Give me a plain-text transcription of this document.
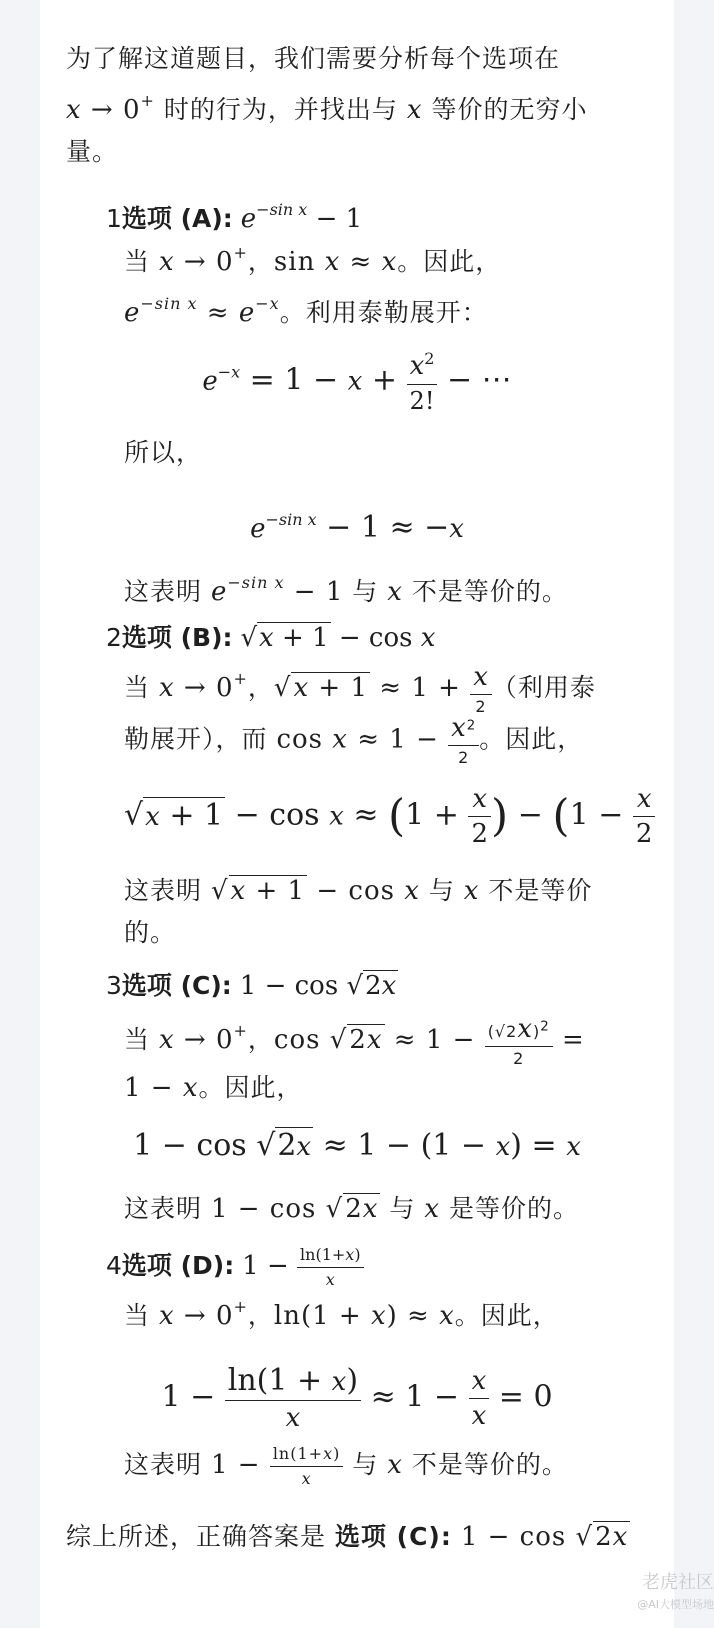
为了解这道题目，我们需要分析每个选项在
x → 0+ 时的行为，并找出与 x 等价的无穷小
量。
1选项 (A): $e^{-sin x} - 1$
当 x → 0+，sin x ≈ x。因此，
$e^{-sin x} \approx e^{-x}$。利用泰勒展开：
$e^{-x} = 1 - x + \frac{x^2}{2!}$ − ⋯
所以，
$e^{-sin x} - 1 \approx -x$
这表明 $e^{-sin x} - 1$ 与 x 不是等价的。
2选项 (B): √x + 1 − cos x
当 x → 0+，$√x + 1 \approx 1 + \frac{x}{2}$ （利用泰
勒展开），而 $\cos x \approx 1 - \frac{x^2}{2}$ 。因此，
$√x + 1 - \cos x \approx (1 + \frac{x}{2}$ ) − ($1 - \frac{x}{2}$
这表明 √x + 1 − cos x 与 x 不是等价
的。
3选项 (C): 1 − cos √2x
当 x → 0+，$\cos √2x \approx 1 - \frac{(√2x)^2}{2}$ =
1 − x。因此，
1 − cos √2x ≈ 1 − (1 − x) = x
这表明 1 − cos √2x 与 x 是等价的。
4选项 (D): $1 - \frac{\ln(1+x)}{x}$
当 x → 0+，ln(1 + x) ≈ x。因此，
$1 - \frac{\ln(1 + x)}{x} \approx 1 - \frac{x}{x} = 0$
这表明 $1 - \frac{\ln(1+x)}{x}$ 与 x 不是等价的。
综上所述，正确答案是 选项 (C): 1 − cos √2x
老虎社区
@AI大模型场地
